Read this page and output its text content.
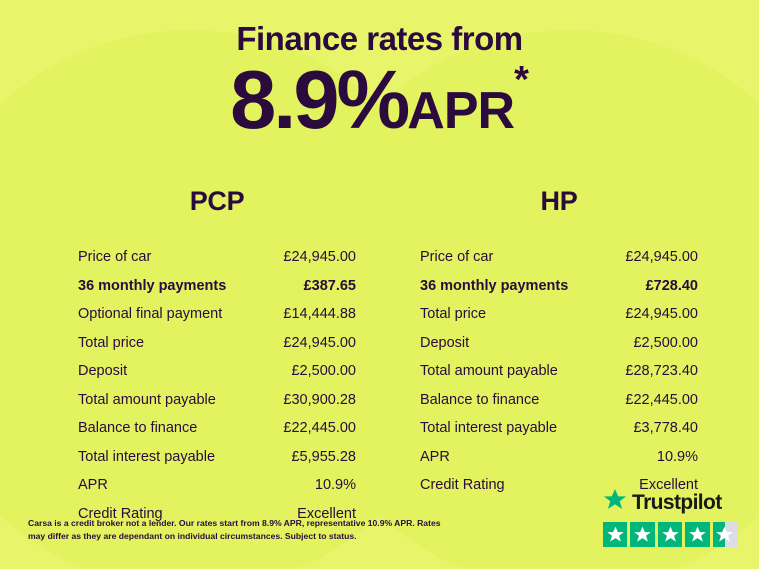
Finance rates from
8.9%APR*
PCP
Price of car	£24,945.00
36 monthly payments	£387.65
Optional final payment	£14,444.88
Total price	£24,945.00
Deposit	£2,500.00
Total amount payable	£30,900.28
Balance to finance	£22,445.00
Total interest payable	£5,955.28
APR	10.9%
Credit Rating	Excellent
HP
Price of car	£24,945.00
36 monthly payments	£728.40
Total price	£24,945.00
Deposit	£2,500.00
Total amount payable	£28,723.40
Balance to finance	£22,445.00
Total interest payable	£3,778.40
APR	10.9%
Credit Rating	Excellent
Carsa is a credit broker not a lender. Our rates start from 8.9% APR, representative 10.9% APR. Rates may differ as they are dependant on individual circumstances. Subject to status.
Trustpilot
